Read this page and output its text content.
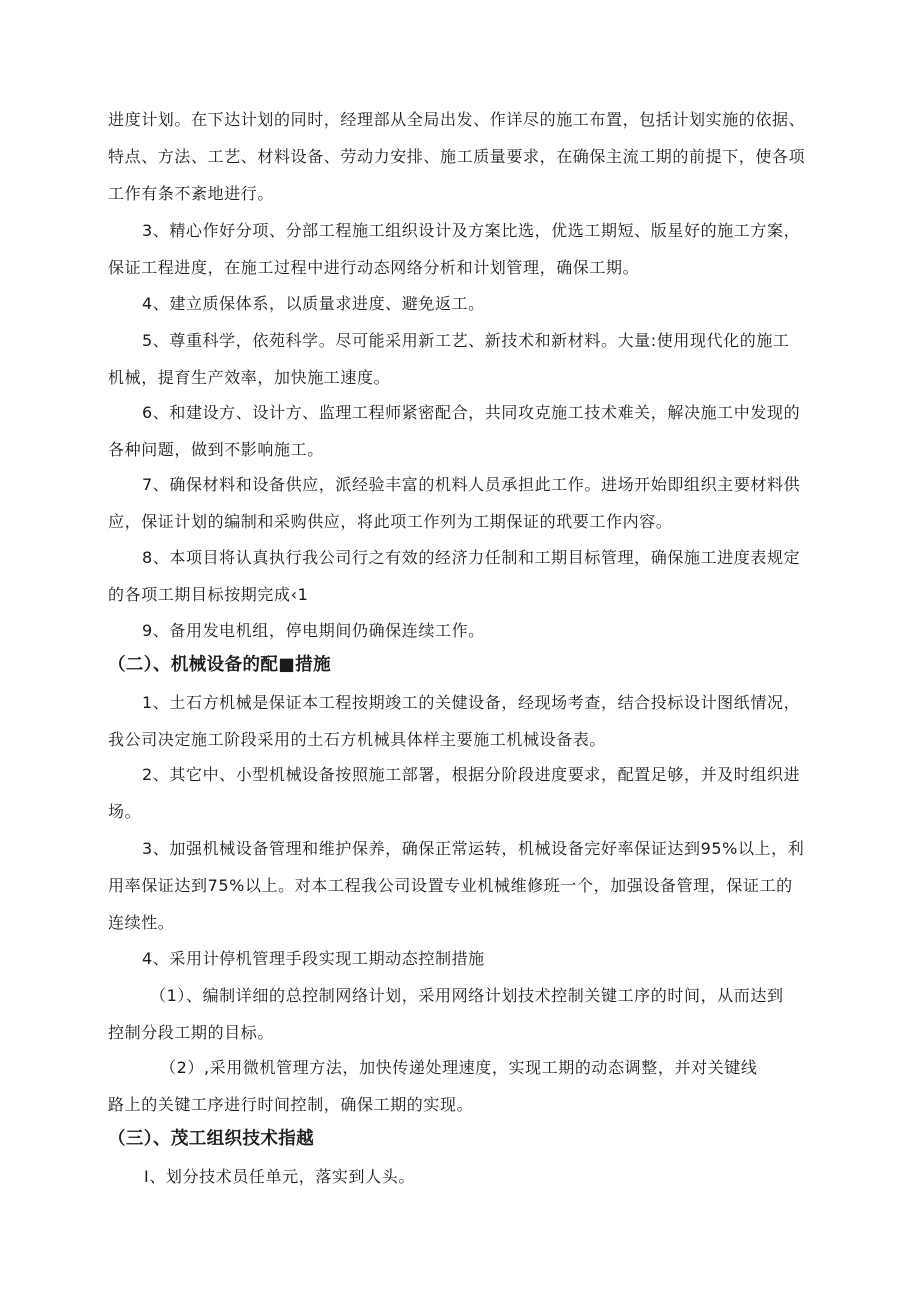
进度计划。在下达计划的同时，经理部从全局出发、作详尽的施工布置，包括计划实施的依据、
特点、方法、工艺、材料设备、劳动力安排、施工质量要求，在确保主流工期的前提下，使各项
工作有条不紊地进行。
3、精心作好分项、分部工程施工组织设计及方案比选，优选工期短、版星好的施工方案，
保证工程进度，在施工过程中进行动态网络分析和计划管理，确保工期。
4、建立质保体系，以质量求进度、避免返工。
5、尊重科学，依苑科学。尽可能采用新工艺、新技术和新材料。大量:使用现代化的施工
机械，提育生产效率，加快施工速度。
6、和建设方、设计方、监理工程师紧密配合，共同攻克施工技术难关，解决施工中发现的
各种问题，做到不影响施工。
7、确保材料和设备供应，派经验丰富的机料人员承担此工作。进场开始即组织主要材料供
应，保证计划的编制和采购供应，将此项工作列为工期保证的玳要工作内容。
8、本项目将认真执行我公司行之有效的经济力任制和工期目标管理，确保施工进度表规定
的各项工期目标按期完成‹1
9、备用发电机组，停电期间仍确保连续工作。
（二）、机械设备的配■措施
1、土石方机械是保证本工程按期竣工的关健设备，经现场考查，结合投标设计图纸情况，
我公司决定施工阶段采用的土石方机械具体样主要施工机械设备表。
2、其它中、小型机械设备按照施工部署，根据分阶段进度要求，配置足够，并及时组织进
场。
3、加强机械设备管理和维护保养，确保正常运转，机械设备完好率保证达到95%以上，利
用率保证达到75%以上。对本工程我公司设置专业机械维修班一个，加强设备管理，保证工的
连续性。
4、采用计停机管理手段实现工期动态控制措施
（1）、编制详细的总控制网络计划，采用网络计划技术控制关键工序的时间，从而达到
控制分段工期的目标。
（2）,采用微机管理方法，加快传递处理速度，实现工期的动态调整，并对关键线
路上的关键工序进行时间控制，确保工期的实现。
（三）、茂工组织技术指越
I、划分技术员任单元，落实到人头。
